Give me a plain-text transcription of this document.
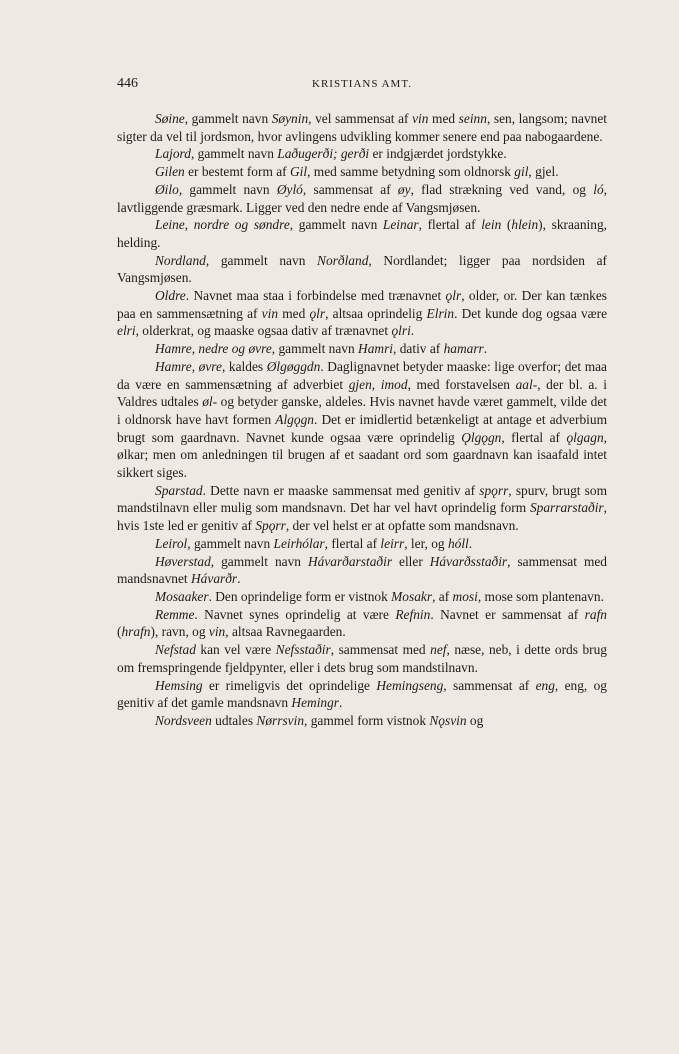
446	KRISTIANS AMT.

Søine, gammelt navn Søynin, vel sammensat af vin med seinn, sen, langsom; navnet sigter da vel til jordsmon, hvor avlingens udvikling kommer senere end paa nabogaardene.

Lajord, gammelt navn Laðugerði; gerði er indgjærdet jordstykke.

Gilen er bestemt form af Gil, med samme betydning som oldnorsk gil, gjel.

Øilo, gammelt navn Øyló, sammensat af øy, flad strækning ved vand, og ló, lavtliggende græsmark. Ligger ved den nedre ende af Vangsmjøsen.

Leine, nordre og søndre, gammelt navn Leinar, flertal af lein (hlein), skraaning, helding.

Nordland, gammelt navn Norðland, Nordlandet; ligger paa nordsiden af Vangsmjøsen.

Oldre. Navnet maa staa i forbindelse med trænavnet ǫlr, older, or. Der kan tænkes paa en sammensætning af vin med ǫlr, altsaa oprindelig Elrin. Det kunde dog ogsaa være elri, olderkrat, og maaske ogsaa dativ af trænavnet ǫlri.

Hamre, nedre og øvre, gammelt navn Hamri, dativ af hamarr.

Hamre, øvre, kaldes Ølgøggdn. Daglignavnet betyder maaske: lige overfor; det maa da være en sammensætning af adverbiet gjen, imod, med forstavelsen aal-, der bl. a. i Valdres udtales øl- og betyder ganske, aldeles. Hvis navnet havde været gammelt, vilde det i oldnorsk have havt formen Algǫgn. Det er imidlertid betænkeligt at antage et adverbium brugt som gaardnavn. Navnet kunde ogsaa være oprindelig Ǫlgǫgn, flertal af ǫlgagn, ølkar; men om anledningen til brugen af et saadant ord som gaardnavn kan isaafald intet sikkert siges.

Sparstad. Dette navn er maaske sammensat med genitiv af spǫrr, spurv, brugt som mandstilnavn eller mulig som mandsnavn. Det har vel havt oprindelig form Sparrarstaðir, hvis 1ste led er genitiv af Spǫrr, der vel helst er at opfatte som mandsnavn.

Leirol, gammelt navn Leirhólar, flertal af leirr, ler, og hóll.

Høverstad, gammelt navn Hávarðarstaðir eller Hávarðsstaðir, sammensat med mandsnavnet Hávarðr.

Mosaaker. Den oprindelige form er vistnok Mosakr, af mosi, mose som plantenavn.

Remme. Navnet synes oprindelig at være Refnin. Navnet er sammensat af rafn (hrafn), ravn, og vin, altsaa Ravnegaarden.

Nefstad kan vel være Nefsstaðir, sammensat med nef, næse, neb, i dette ords brug om fremspringende fjeldpynter, eller i dets brug som mandstilnavn.

Hemsing er rimeligvis det oprindelige Hemingseng, sammensat af eng, eng, og genitiv af det gamle mandsnavn Hemingr.

Nordsveen udtales Nørrsvin, gammel form vistnok Nǫsvin og
